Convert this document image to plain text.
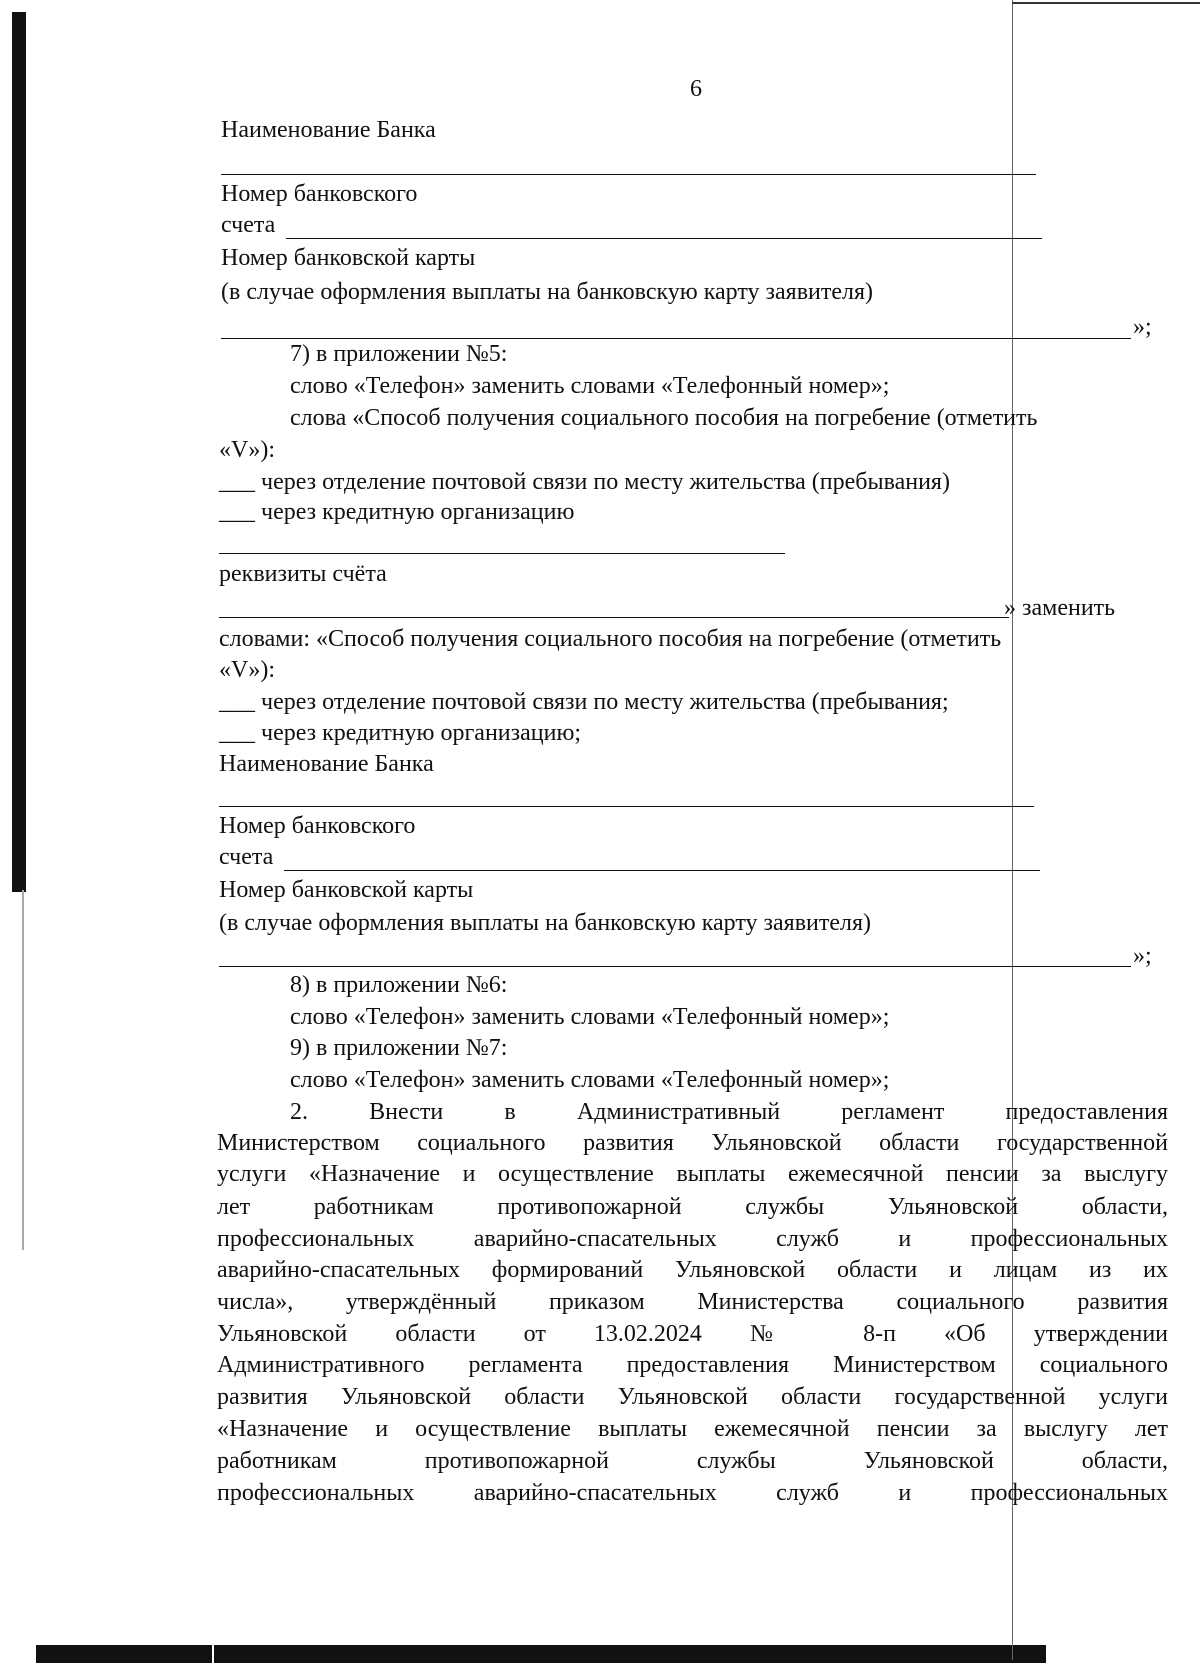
6
Наименование Банка
Номер банковского
счета
Номер банковской карты
(в случае оформления выплаты на банковскую карту заявителя)
»;
7) в приложении №5:
слово «Телефон» заменить словами «Телефонный номер»;
слова «Способ получения социального пособия на погребение (отметить
«V»):
___ через отделение почтовой связи по месту жительства (пребывания)
___ через кредитную организацию
реквизиты счёта
» заменить
словами: «Способ получения социального пособия на погребение (отметить
«V»):
___ через отделение почтовой связи по месту жительства (пребывания;
___ через кредитную организацию;
Наименование Банка
Номер банковского
счета
Номер банковской карты
(в случае оформления выплаты на банковскую карту заявителя)
»;
8) в приложении №6:
слово «Телефон» заменить словами «Телефонный номер»;
9) в приложении №7:
слово «Телефон» заменить словами «Телефонный номер»;
2. Внести в Административный регламент предоставления
Министерством социального развития Ульяновской области государственной
услуги «Назначение и осуществление выплаты ежемесячной пенсии за выслугу
лет работникам противопожарной службы Ульяновской области,
профессиональных аварийно-спасательных служб и профессиональных
аварийно-спасательных формирований Ульяновской области и лицам из их
числа», утверждённый приказом Министерства социального развития
Ульяновской области от 13.02.2024 № 8-п «Об утверждении
Административного регламента предоставления Министерством социального
развития Ульяновской области Ульяновской области государственной услуги
«Назначение и осуществление выплаты ежемесячной пенсии за выслугу лет
работникам противопожарной службы Ульяновской области,
профессиональных аварийно-спасательных служб и профессиональных
